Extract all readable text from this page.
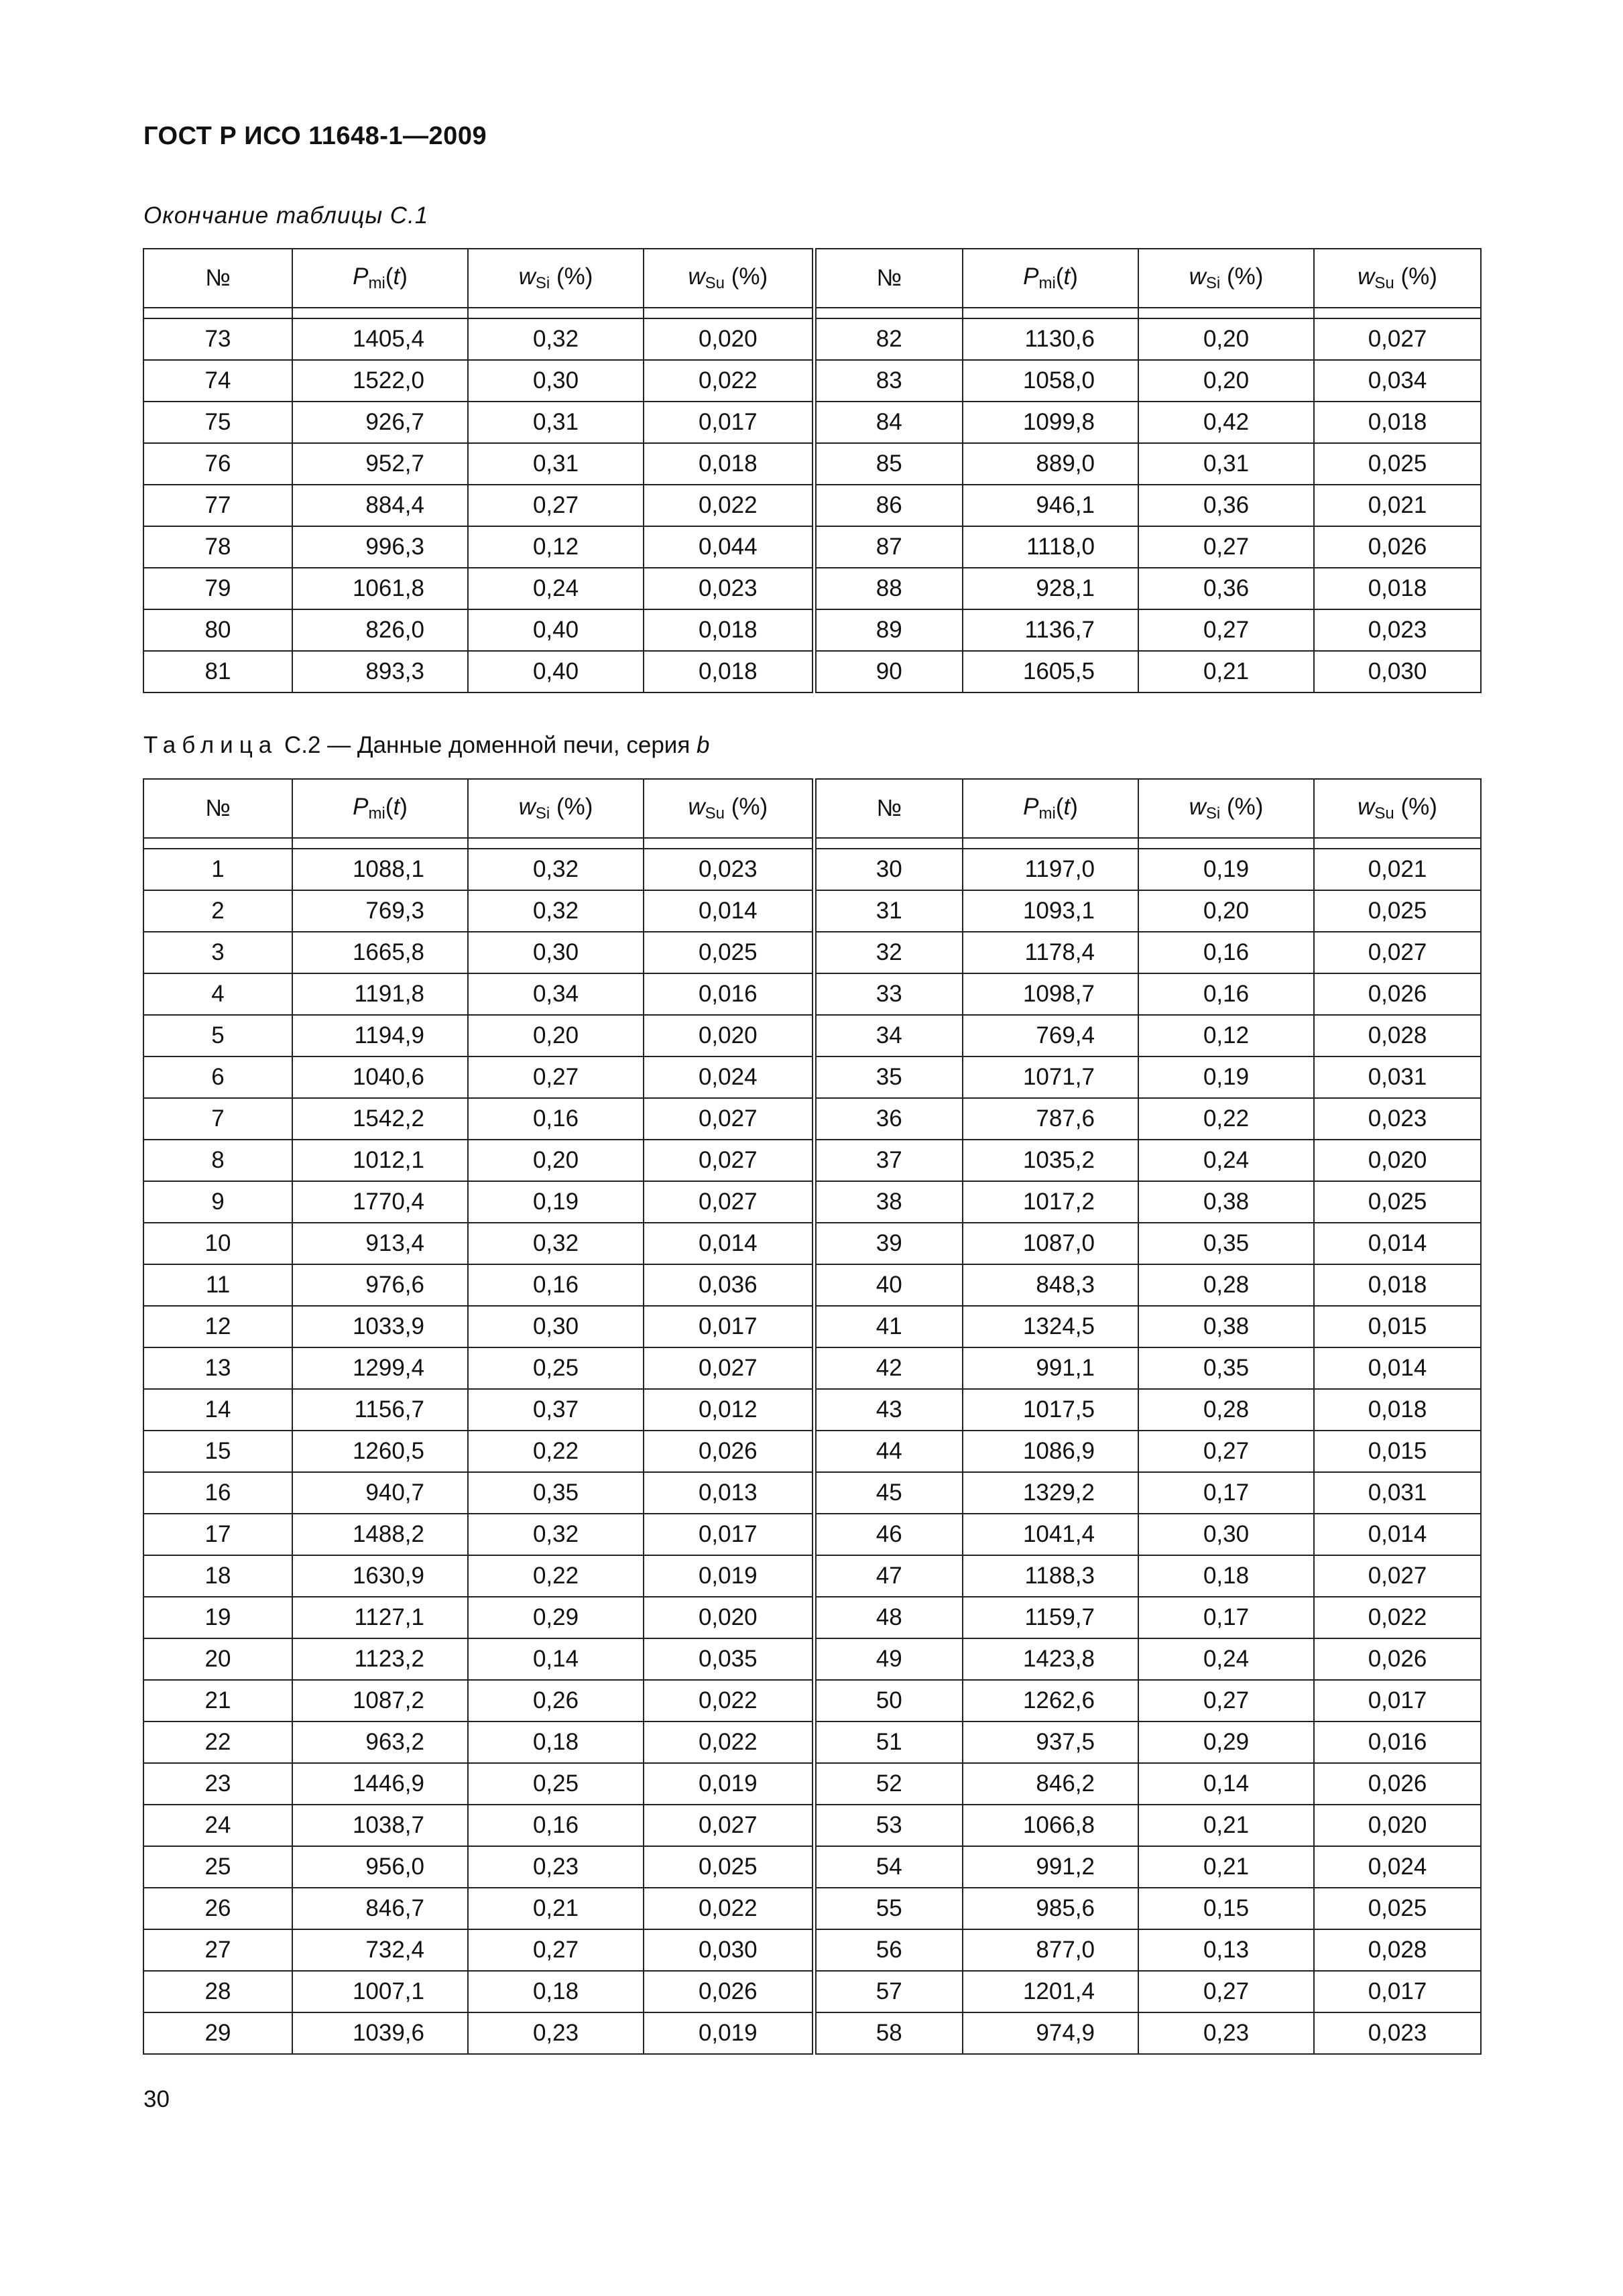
ГОСТ Р ИСО 11648-1—2009
Окончание таблицы С.1
№	$P_{mi}(t)$	$w_{Si}$ (%)	$w_{Su}$ (%)	№	$P_{mi}(t)$	$w_{Si}$ (%)	$w_{Su}$ (%)

73	1405,4	0,32	0,020	82	1130,6	0,20	0,027
74	1522,0	0,30	0,022	83	1058,0	0,20	0,034
75	926,7	0,31	0,017	84	1099,8	0,42	0,018
76	952,7	0,31	0,018	85	889,0	0,31	0,025
77	884,4	0,27	0,022	86	946,1	0,36	0,021
78	996,3	0,12	0,044	87	1118,0	0,27	0,026
79	1061,8	0,24	0,023	88	928,1	0,36	0,018
80	826,0	0,40	0,018	89	1136,7	0,27	0,023
81	893,3	0,40	0,018	90	1605,5	0,21	0,030
Таблица С.2 — Данные доменной печи, серия b
№	$P_{mi}(t)$	$w_{Si}$ (%)	$w_{Su}$ (%)	№	$P_{mi}(t)$	$w_{Si}$ (%)	$w_{Su}$ (%)

1	1088,1	0,32	0,023	30	1197,0	0,19	0,021
2	769,3	0,32	0,014	31	1093,1	0,20	0,025
3	1665,8	0,30	0,025	32	1178,4	0,16	0,027
4	1191,8	0,34	0,016	33	1098,7	0,16	0,026
5	1194,9	0,20	0,020	34	769,4	0,12	0,028
6	1040,6	0,27	0,024	35	1071,7	0,19	0,031
7	1542,2	0,16	0,027	36	787,6	0,22	0,023
8	1012,1	0,20	0,027	37	1035,2	0,24	0,020
9	1770,4	0,19	0,027	38	1017,2	0,38	0,025
10	913,4	0,32	0,014	39	1087,0	0,35	0,014
11	976,6	0,16	0,036	40	848,3	0,28	0,018
12	1033,9	0,30	0,017	41	1324,5	0,38	0,015
13	1299,4	0,25	0,027	42	991,1	0,35	0,014
14	1156,7	0,37	0,012	43	1017,5	0,28	0,018
15	1260,5	0,22	0,026	44	1086,9	0,27	0,015
16	940,7	0,35	0,013	45	1329,2	0,17	0,031
17	1488,2	0,32	0,017	46	1041,4	0,30	0,014
18	1630,9	0,22	0,019	47	1188,3	0,18	0,027
19	1127,1	0,29	0,020	48	1159,7	0,17	0,022
20	1123,2	0,14	0,035	49	1423,8	0,24	0,026
21	1087,2	0,26	0,022	50	1262,6	0,27	0,017
22	963,2	0,18	0,022	51	937,5	0,29	0,016
23	1446,9	0,25	0,019	52	846,2	0,14	0,026
24	1038,7	0,16	0,027	53	1066,8	0,21	0,020
25	956,0	0,23	0,025	54	991,2	0,21	0,024
26	846,7	0,21	0,022	55	985,6	0,15	0,025
27	732,4	0,27	0,030	56	877,0	0,13	0,028
28	1007,1	0,18	0,026	57	1201,4	0,27	0,017
29	1039,6	0,23	0,019	58	974,9	0,23	0,023
30
